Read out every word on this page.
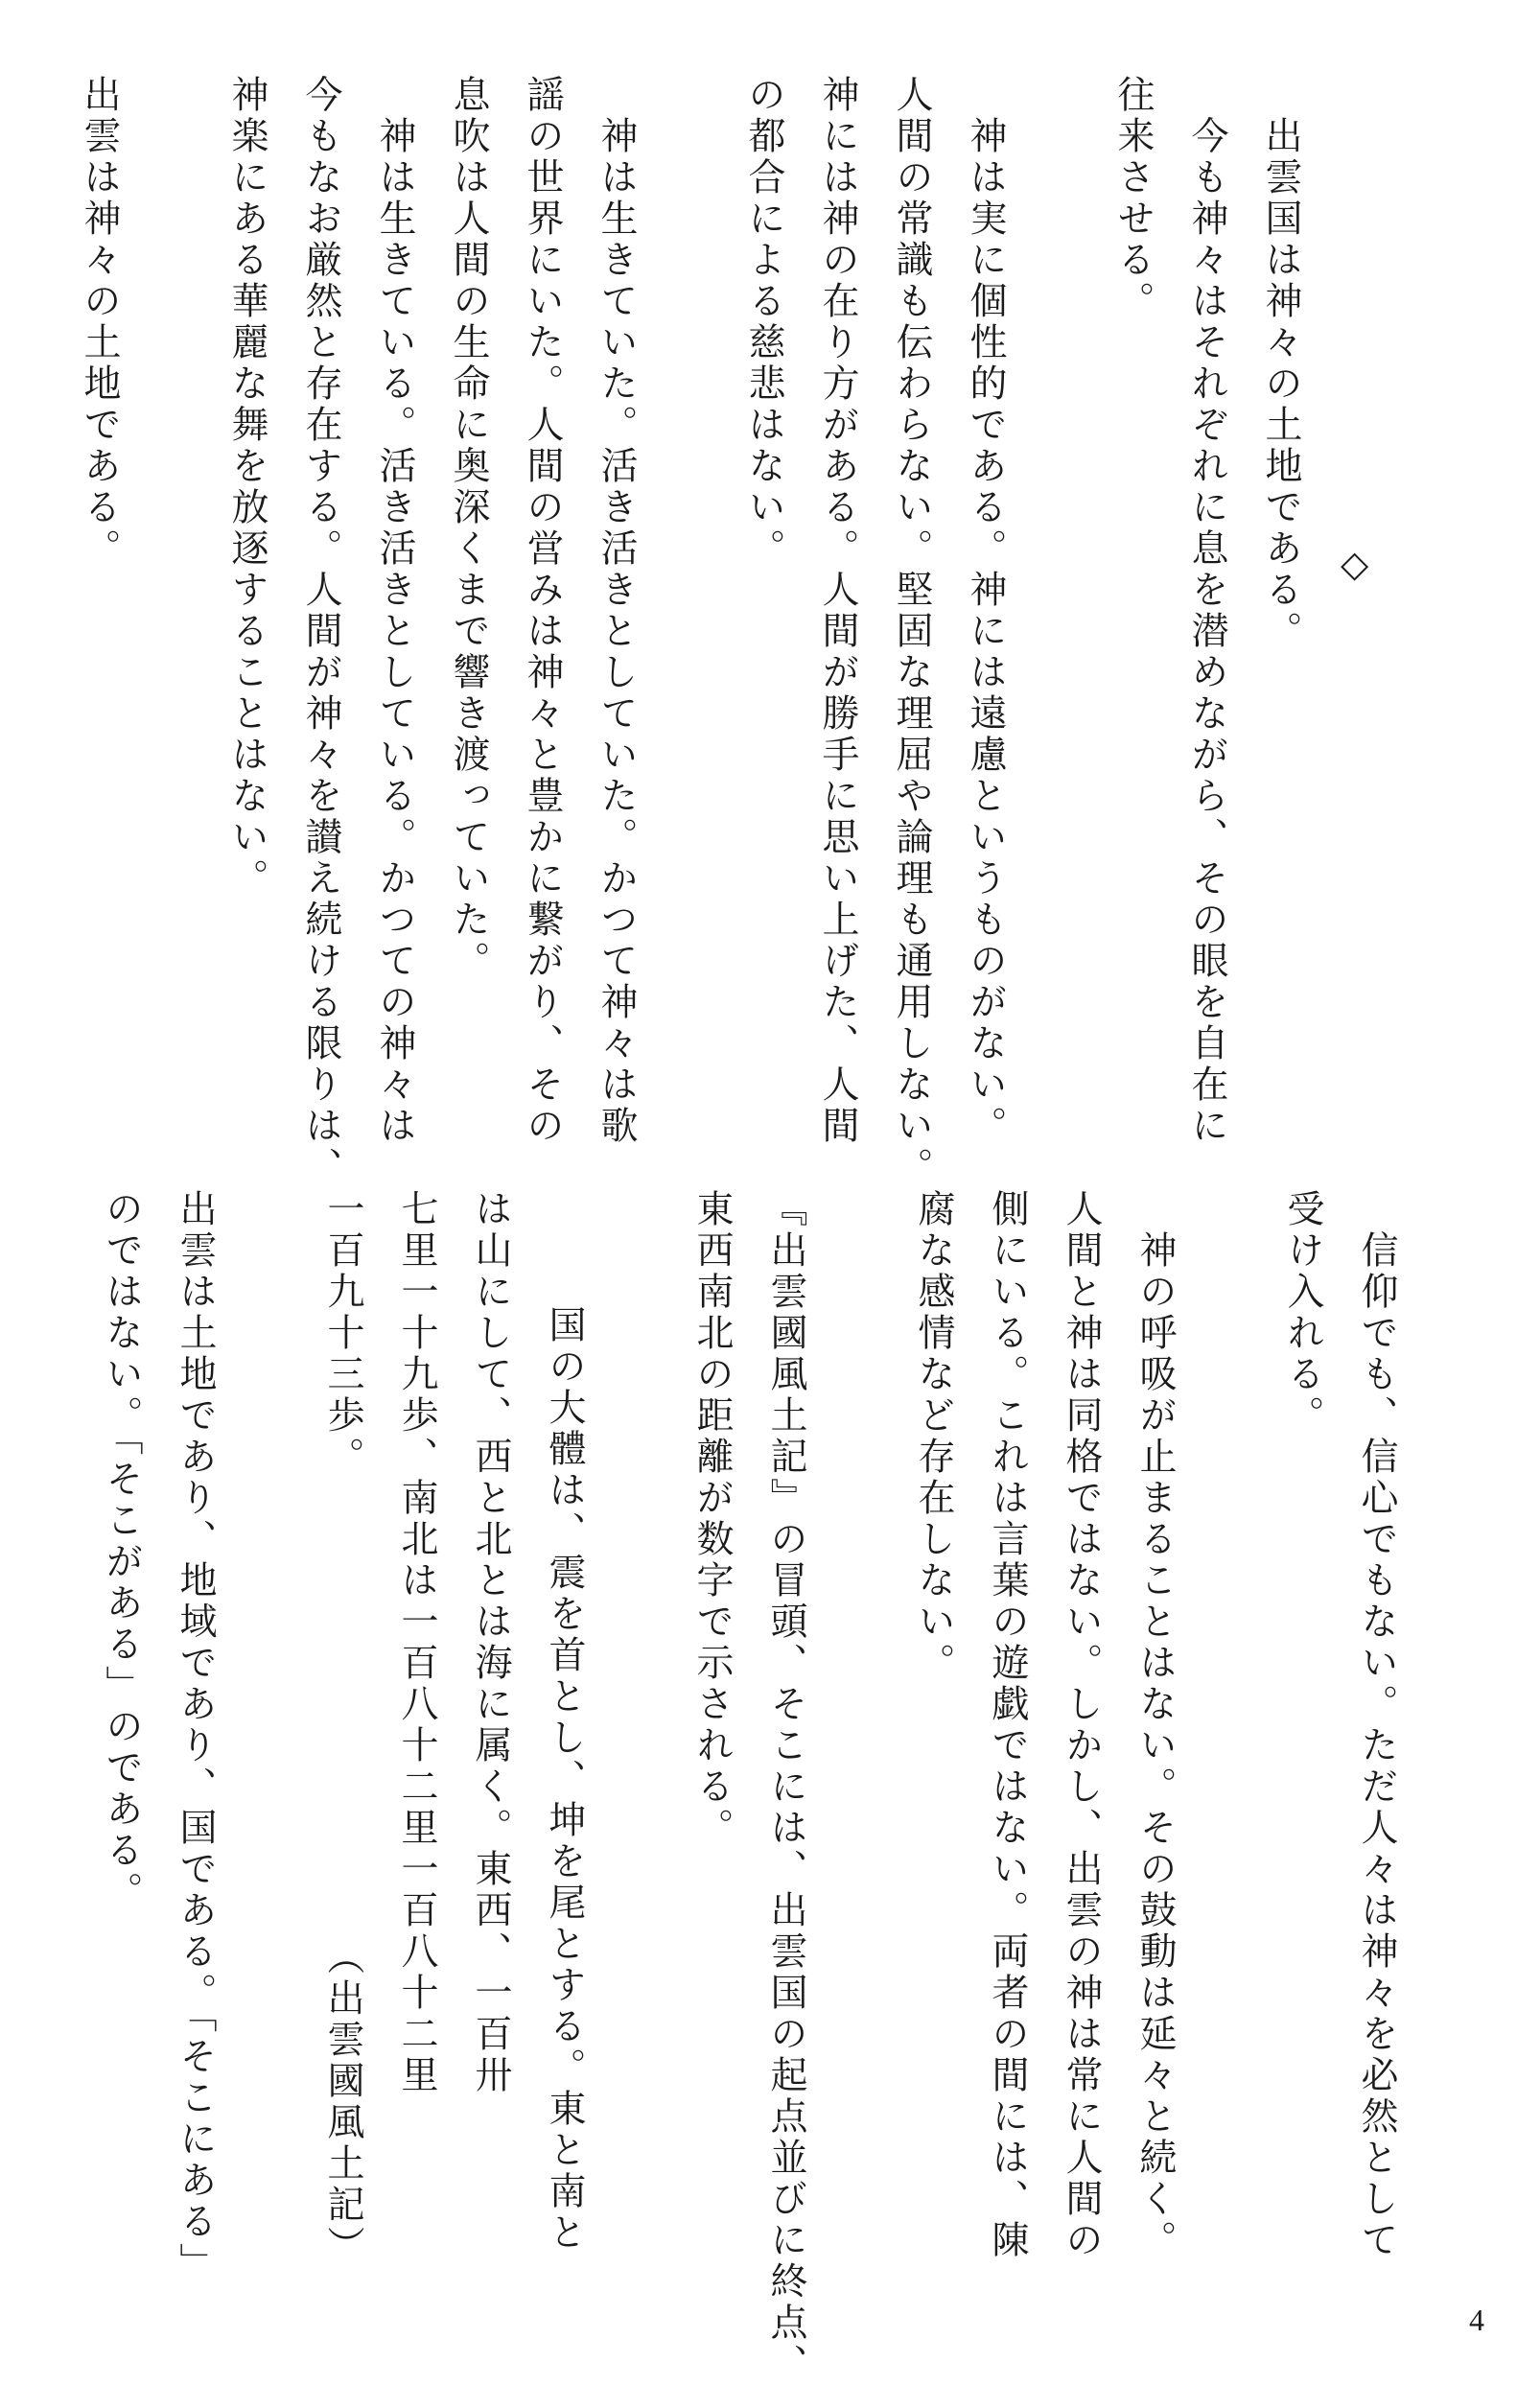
　出雲国は神々の土地である。
　今も神々はそれぞれに息を潜めながら、その眼を自在に
往来させる。

　神は実に個性的である。神には遠慮というものがない。
人間の常識も伝わらない。堅固な理屈や論理も通用しない。
神には神の在り方がある。人間が勝手に思い上げた、人間
の都合による慈悲はない。

　神は生きていた。活き活きとしていた。かつて神々は歌
謡の世界にいた。人間の営みは神々と豊かに繋がり、その
息吹は人間の生命に奥深くまで響き渡っていた。
　神は生きている。活き活きとしている。かつての神々は
今もなお厳然と存在する。人間が神々を讃え続ける限りは、
神楽にある華麗な舞を放逐することはない。

出雲は神々の土地である。	◇
　信仰でも、信心でもない。ただ人々は神々を必然として
受け入れる。

　神の呼吸が止まることはない。その鼓動は延々と続く。
人間と神は同格ではない。しかし、出雲の神は常に人間の
側にいる。これは言葉の遊戯ではない。両者の間には、陳
腐な感情など存在しない。

『出雲國風土記』の冒頭、そこには、出雲国の起点並びに終点、
東西南北の距離が数字で示される。

　国の大體は、震を首とし、坤を尾とする。東と南と
は山にして、西と北とは海に属く。東西、一百卅
七里一十九歩、南北は一百八十二里一百八十二里
一百九十三歩。
（出雲國風土記）

出雲は土地であり、地域であり、国である。「そこにある」
のではない。「そこがある」のである。
4
